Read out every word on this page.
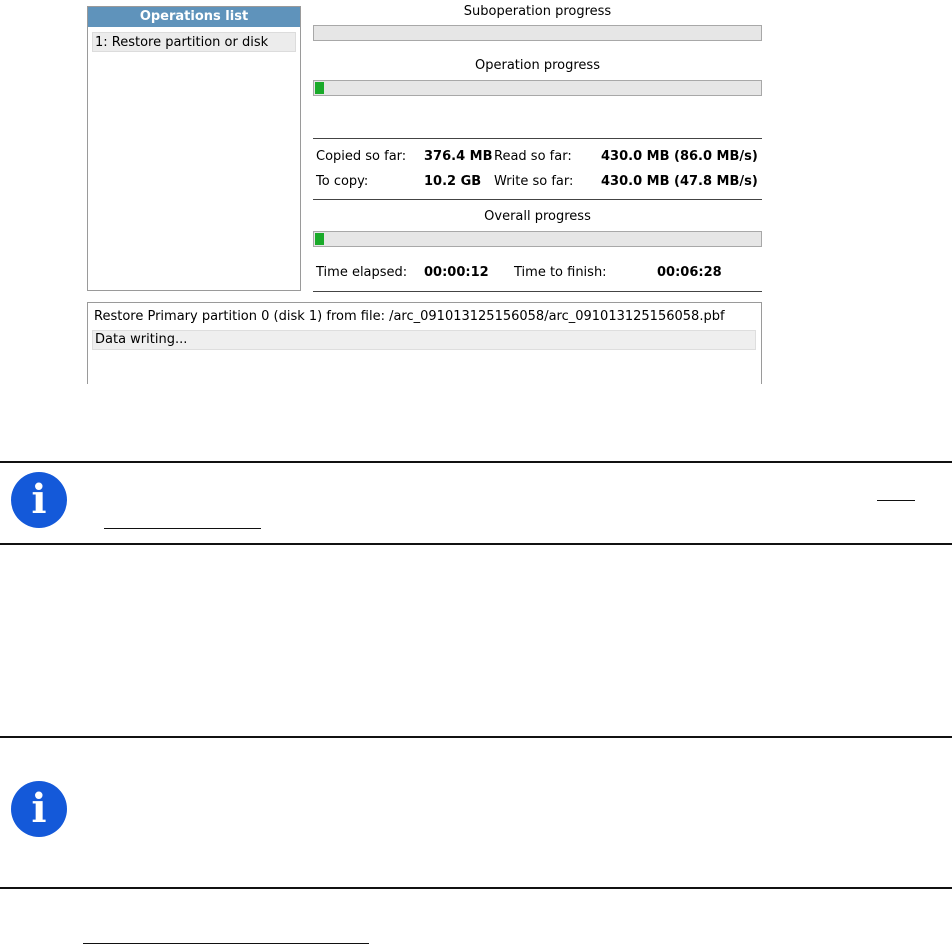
Operations list
1: Restore partition or disk
Suboperation progress
Operation progress
Copied so far: 376.4 MB Read so far: 430.0 MB (86.0 MB/s)
To copy:	10.2 GB Write so far: 430.0 MB (47.8 MB/s)
Overall progress
Time elapsed: 00:00:12 Time to finish:	00:06:28
Restore Primary partition 0 (disk 1) from file: /arc_091013125156058/arc_091013125156058.pbf
Data writing...
i
i
